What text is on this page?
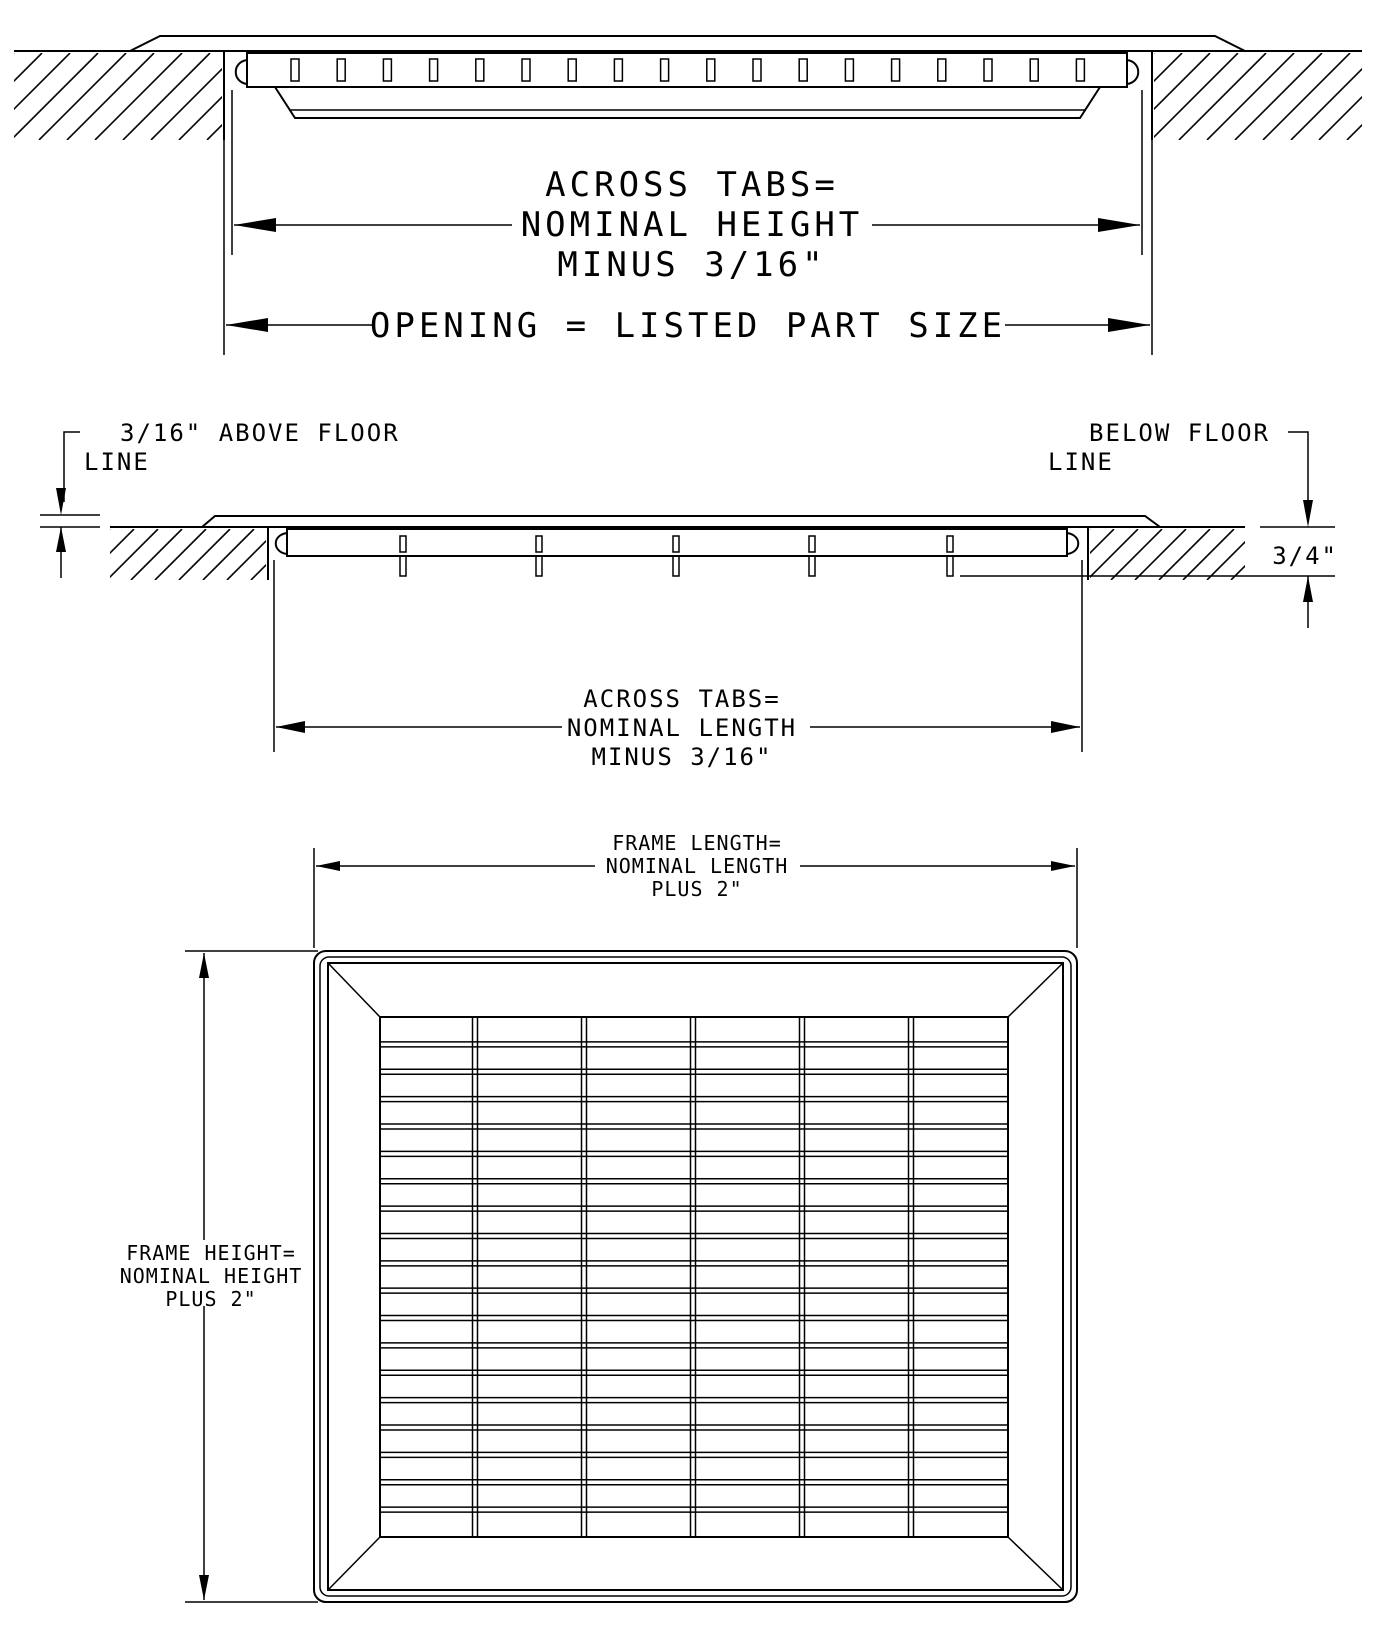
ACROSS TABS=
NOMINAL HEIGHT
MINUS 3/16"
OPENING = LISTED PART SIZE
3/16" ABOVE FLOOR
LINE
BELOW FLOOR
LINE
3/4"
ACROSS TABS=
NOMINAL LENGTH
MINUS 3/16"
FRAME LENGTH=
NOMINAL LENGTH
PLUS 2"
FRAME HEIGHT=
NOMINAL HEIGHT
PLUS 2"
